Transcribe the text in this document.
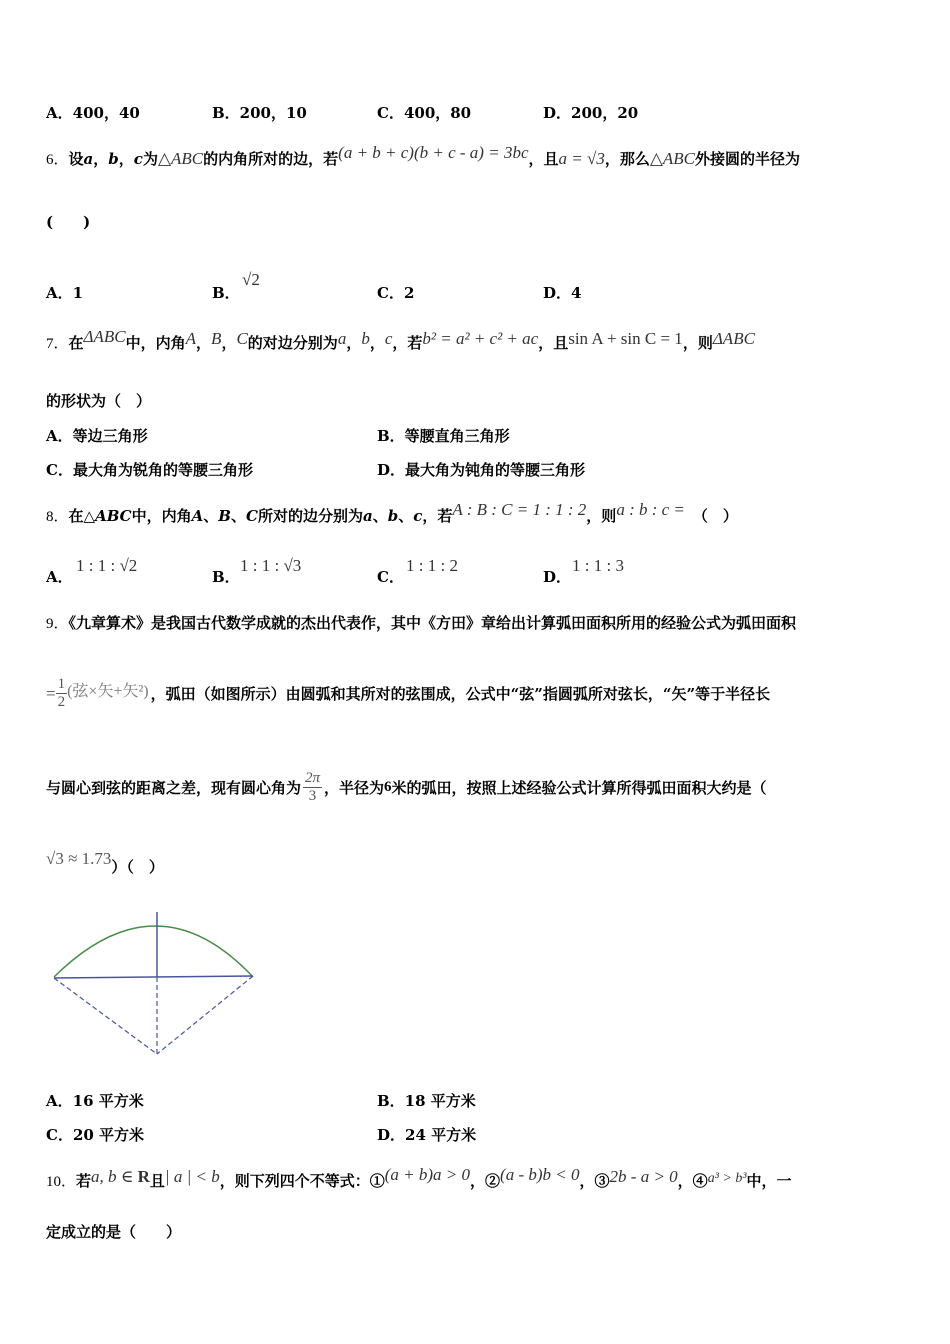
A．400，40	B．200，10	C．400，80	D．200，20
6．设a，b，c为△ABC的内角所对的边，若(a + b + c)(b + c - a) = 3bc，且a = √3，那么△ABC外接圆的半径为
(　　)
A．1	B．
√2
C．2	D．4
7．在ΔABC中，内角A，B，C的对边分别为a，b，c，若b² = a² + c² + ac，且sin A + sin C = 1，则ΔABC
的形状为（　）
A．等边三角形	B．等腰直角三角形
C．最大角为锐角的等腰三角形	D．最大角为钝角的等腰三角形
8．在△ABC中，内角A、B、C所对的边分别为a、b、c，若A : B : C = 1 : 1 : 2，则a : b : c = （　）
A．
1 : 1 : √2
B．
1 : 1 : √3
C．
1 : 1 : 2
D．
1 : 1 : 3
9．《九章算术》是我国古代数学成就的杰出代表作，其中《方田》章给出计算弧田面积所用的经验公式为弧田面积
= $\frac{1}{2}$ (弦×矢+矢²) ，弧田（如图所示）由圆弧和其所对的弦围成，公式中“弦”指圆弧所对弦长，“矢”等于半径长
与圆心到弦的距离之差，现有圆心角为 $\frac{2\pi}{3}$ ，半径为 6 米的弧田，按照上述经验公式计算所得弧田面积大约是（
√3 ≈ 1.73）（　）
A．16 平方米	B．18 平方米
C．20 平方米	D．24 平方米
10．若a, b ∈ R且| a | < b，则下列四个不等式：①(a + b)a > 0，②(a - b)b < 0，③2b - a > 0，④a³ > b³中，一
定成立的是（　　）
